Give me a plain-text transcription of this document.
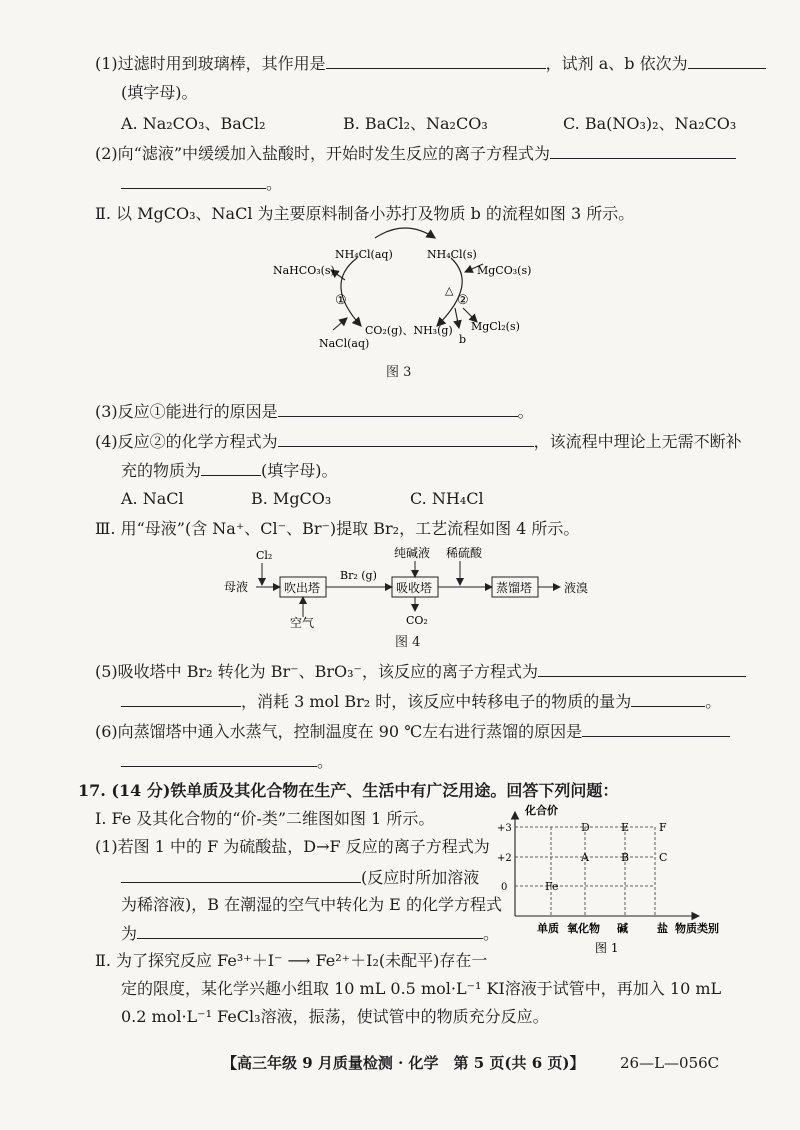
(1)过滤时用到玻璃棒，其作用是	，试剂 a、b 依次为
(填字母)。
A. Na₂CO₃、BaCl₂	B. BaCl₂、Na₂CO₃	C. Ba(NO₃)₂、Na₂CO₃
(2)向“滤液”中缓缓加入盐酸时，开始时发生反应的离子方程式为
。
Ⅱ. 以 MgCO₃、NaCl 为主要原料制备小苏打及物质 b 的流程如图 3 所示。
NH₄Cl(aq)	NH₄Cl(s)
NaHCO₃(s)	MgCO₃(s)
①
△
②
CO₂(g)、NH₃(g)
NaCl(aq)	b
MgCl₂(s)
图 3
(3)反应①能进行的原因是	。
(4)反应②的化学方程式为	，该流程中理论上无需不断补
充的物质为	(填字母)。
A. NaCl	B. MgCO₃	C. NH₄Cl
Ⅲ. 用“母液”(含 Na⁺、Cl⁻、Br⁻)提取 Br₂，工艺流程如图 4 所示。
Cl₂
母液	吹出塔
空气
Br₂ (g)
纯碱液
吸收塔
CO₂
稀硫酸
蒸馏塔	液溴
图 4
(5)吸收塔中 Br₂ 转化为 Br⁻、BrO₃⁻，该反应的离子方程式为
，消耗 3 mol Br₂ 时，该反应中转移电子的物质的量为	。
(6)向蒸馏塔中通入水蒸气，控制温度在 90 ℃左右进行蒸馏的原因是
。
17. (14 分)铁单质及其化合物在生产、生活中有广泛用途。回答下列问题：
Ⅰ. Fe 及其化合物的“价-类”二维图如图 1 所示。
(1)若图 1 中的 F 为硫酸盐，D→F 反应的离子方程式为
(反应时所加溶液
为稀溶液)，B 在潮湿的空气中转化为 E 的化学方程式
为	。
化合价
+3
+2
0
D	E	F
A	B	C
Fe
单质 氧化物 碱	盐 物质类别
图 1
Ⅱ. 为了探究反应 Fe³⁺＋I⁻ ⟶ Fe²⁺＋I₂(未配平)存在一
定的限度，某化学兴趣小组取 10 mL 0.5 mol·L⁻¹ KI溶液于试管中，再加入 10 mL
0.2 mol·L⁻¹ FeCl₃溶液，振荡，使试管中的物质充分反应。
【高三年级 9 月质量检测 · 化学　第 5 页(共 6 页)】 26—L—056C
